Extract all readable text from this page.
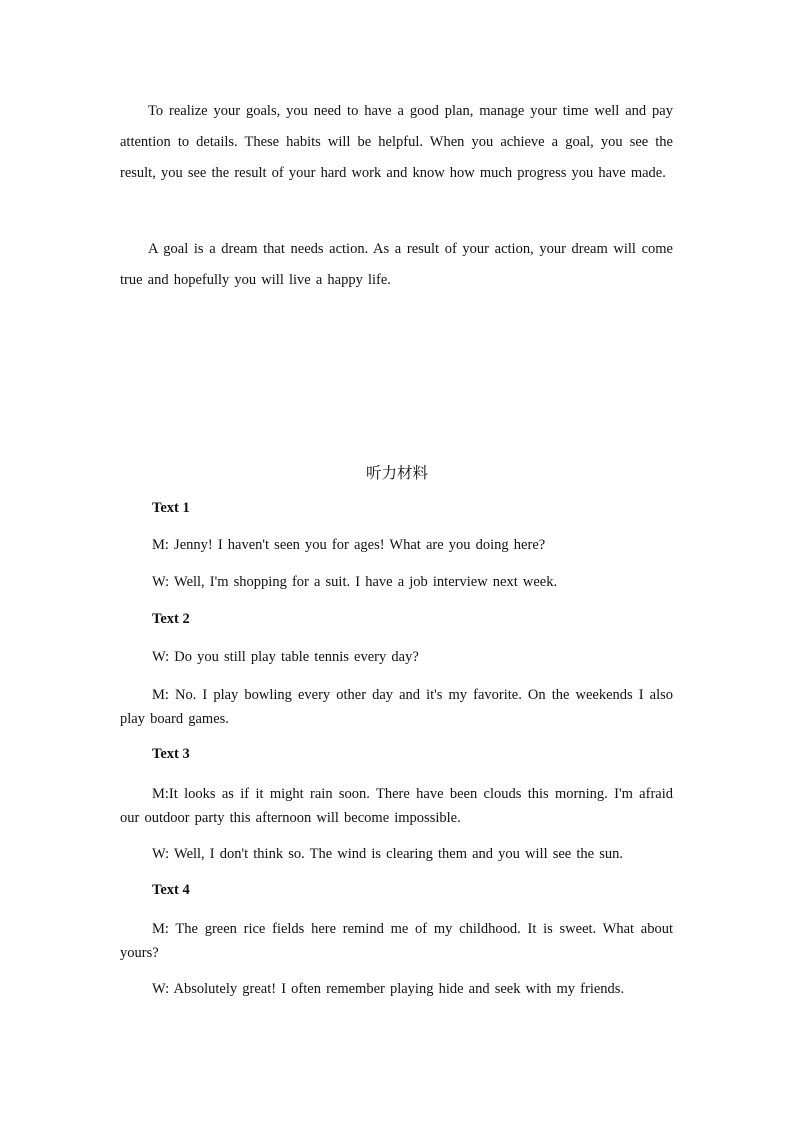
To realize your goals, you need to have a good plan, manage your time well and pay attention to details. These habits will be helpful. When you achieve a goal, you see the result, you see the result of your hard work and know how much progress you have made.

A goal is a dream that needs action. As a result of your action, your dream will come true and hopefully you will live a happy life.

听力材料

Text 1

M: Jenny! I haven't seen you for ages! What are you doing here?

W: Well, I'm shopping for a suit. I have a job interview next week.

Text 2

W: Do you still play table tennis every day?

M: No. I play bowling every other day and it's my favorite. On the weekends I also play board games.

Text 3

M:It looks as if it might rain soon. There have been clouds this morning. I'm afraid our outdoor party this afternoon will become impossible.

W: Well, I don't think so. The wind is clearing them and you will see the sun.

Text 4

M: The green rice fields here remind me of my childhood. It is sweet. What about yours?

W: Absolutely great! I often remember playing hide and seek with my friends.
